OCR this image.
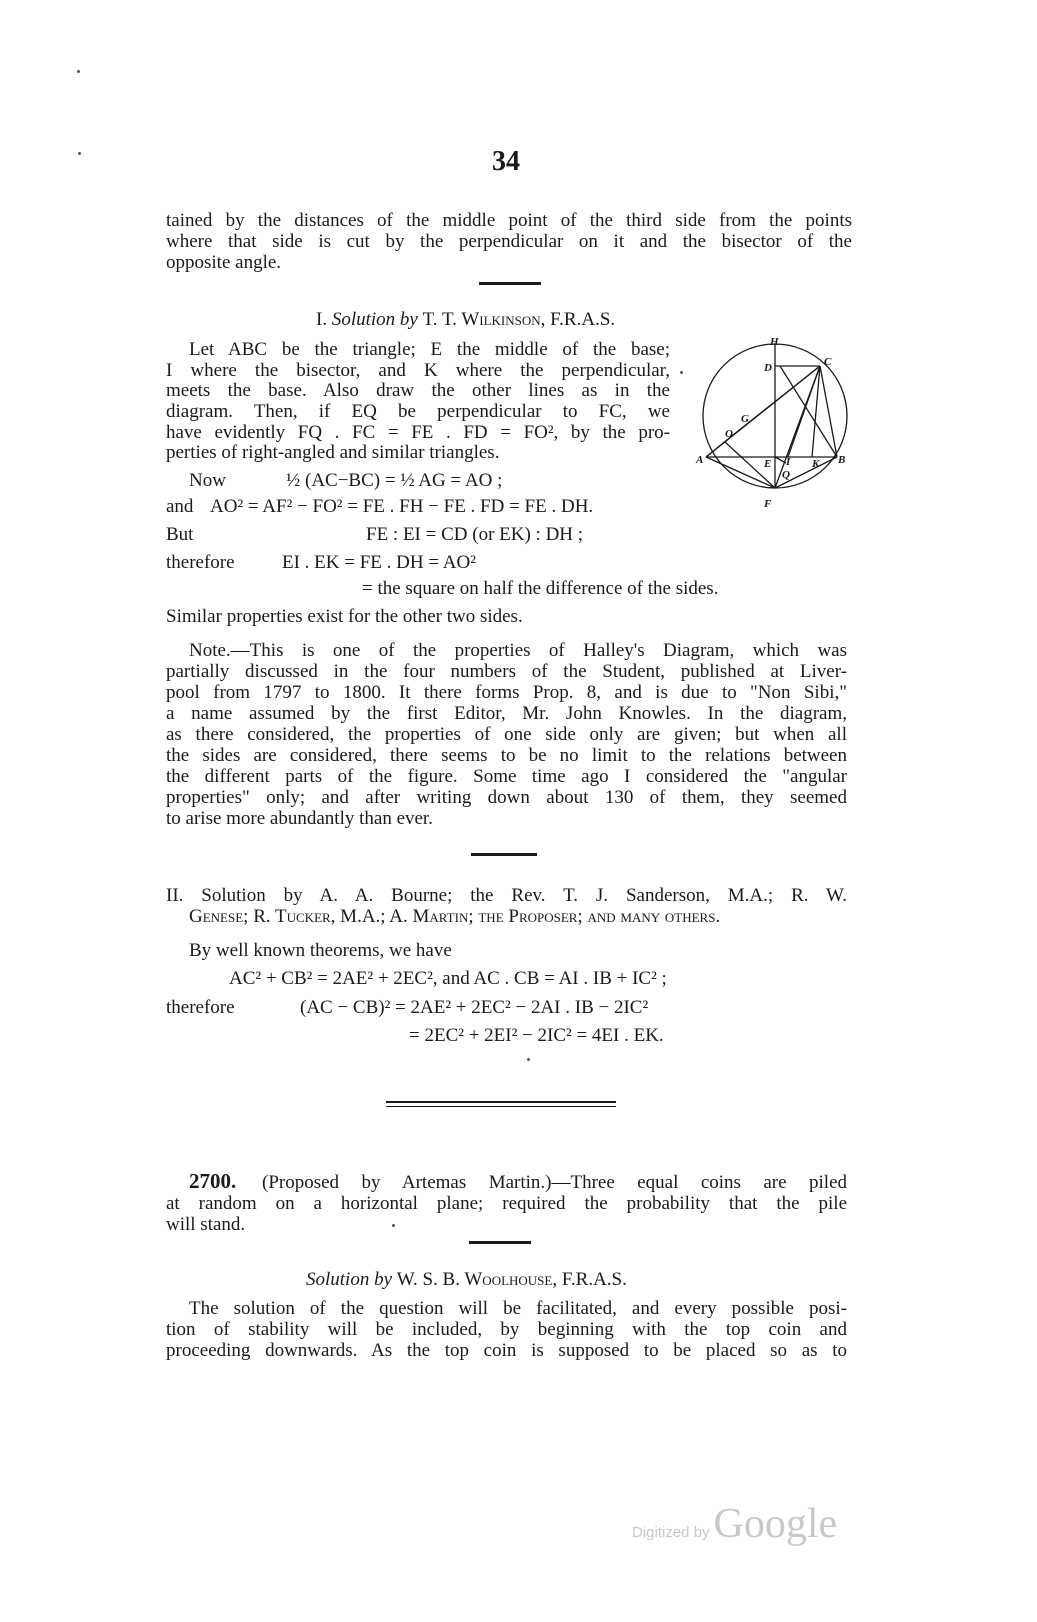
34
tained by the distances of the middle point of the third side from the points
where that side is cut by the perpendicular on it and the bisector of the
opposite angle.
I. Solution by T. T. Wilkinson, F.R.A.S.
Let ABC be the triangle; E the middle of the base;
I where the bisector, and K where the perpendicular,
meets the base. Also draw the other lines as in the
diagram. Then, if EQ be perpendicular to FC, we
have evidently FQ . FC = FE . FD = FO², by the pro-
perties of right-angled and similar triangles.
Now	½ (AC−BC) = ½ AG = AO ;
and AO² = AF² − FO² = FE . FH − FE . FD = FE . DH.
But	FE : EI = CD (or EK) : DH ;
therefore EI . EK = FE . DH = AO²
= the square on half the difference of the sides.
Similar properties exist for the other two sides.
H
D	C
G
O
A	E I
Q
K B
F
Note.—This is one of the properties of Halley's Diagram, which was
partially discussed in the four numbers of the Student, published at Liver-
pool from 1797 to 1800. It there forms Prop. 8, and is due to "Non Sibi,"
a name assumed by the first Editor, Mr. John Knowles. In the diagram,
as there considered, the properties of one side only are given; but when all
the sides are considered, there seems to be no limit to the relations between
the different parts of the figure. Some time ago I considered the "angular
properties" only; and after writing down about 130 of them, they seemed
to arise more abundantly than ever.
II. Solution by A. A. Bourne; the Rev. T. J. Sanderson, M.A.; R. W.
Genese; R. Tucker, M.A.; A. Martin; the Proposer; and many others.
By well known theorems, we have
AC² + CB² = 2AE² + 2EC², and AC . CB = AI . IB + IC² ;
therefore	(AC − CB)² = 2AE² + 2EC² − 2AI . IB − 2IC²
= 2EC² + 2EI² − 2IC² = 4EI . EK.
2700. (Proposed by Artemas Martin.)—Three equal coins are piled
at random on a horizontal plane; required the probability that the pile
will stand.
Solution by W. S. B. Woolhouse, F.R.A.S.
The solution of the question will be facilitated, and every possible posi-
tion of stability will be included, by beginning with the top coin and
proceeding downwards. As the top coin is supposed to be placed so as to
Digitized by Google
